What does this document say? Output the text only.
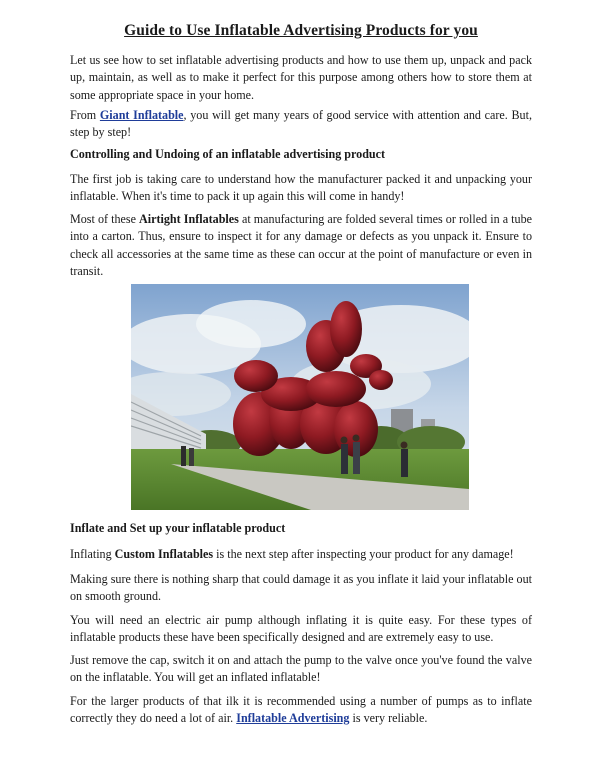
Guide to Use Inflatable Advertising Products for you

Let us see how to set inflatable advertising products and how to use them up, unpack and pack up, maintain, as well as to make it perfect for this purpose among others how to store them at some appropriate space in your home.

From Giant Inflatable, you will get many years of good service with attention and care. But, step by step!

Controlling and Undoing of an inflatable advertising product

The first job is taking care to understand how the manufacturer packed it and unpacking your inflatable. When it's time to pack it up again this will come in handy!

Most of these Airtight Inflatables at manufacturing are folded several times or rolled in a tube into a carton. Thus, ensure to inspect it for any damage or defects as you unpack it. Ensure to check all accessories at the same time as these can occur at the point of manufacture or even in transit.

Inflate and Set up your inflatable product

Inflating Custom Inflatables is the next step after inspecting your product for any damage!

Making sure there is nothing sharp that could damage it as you inflate it laid your inflatable out on smooth ground.

You will need an electric air pump although inflating it is quite easy. For these types of inflatable products these have been specifically designed and are extremely easy to use.

Just remove the cap, switch it on and attach the pump to the valve once you've found the valve on the inflatable. You will get an inflated inflatable!

For the larger products of that ilk it is recommended using a number of pumps as to inflate correctly they do need a lot of air. Inflatable Advertising is very reliable.
